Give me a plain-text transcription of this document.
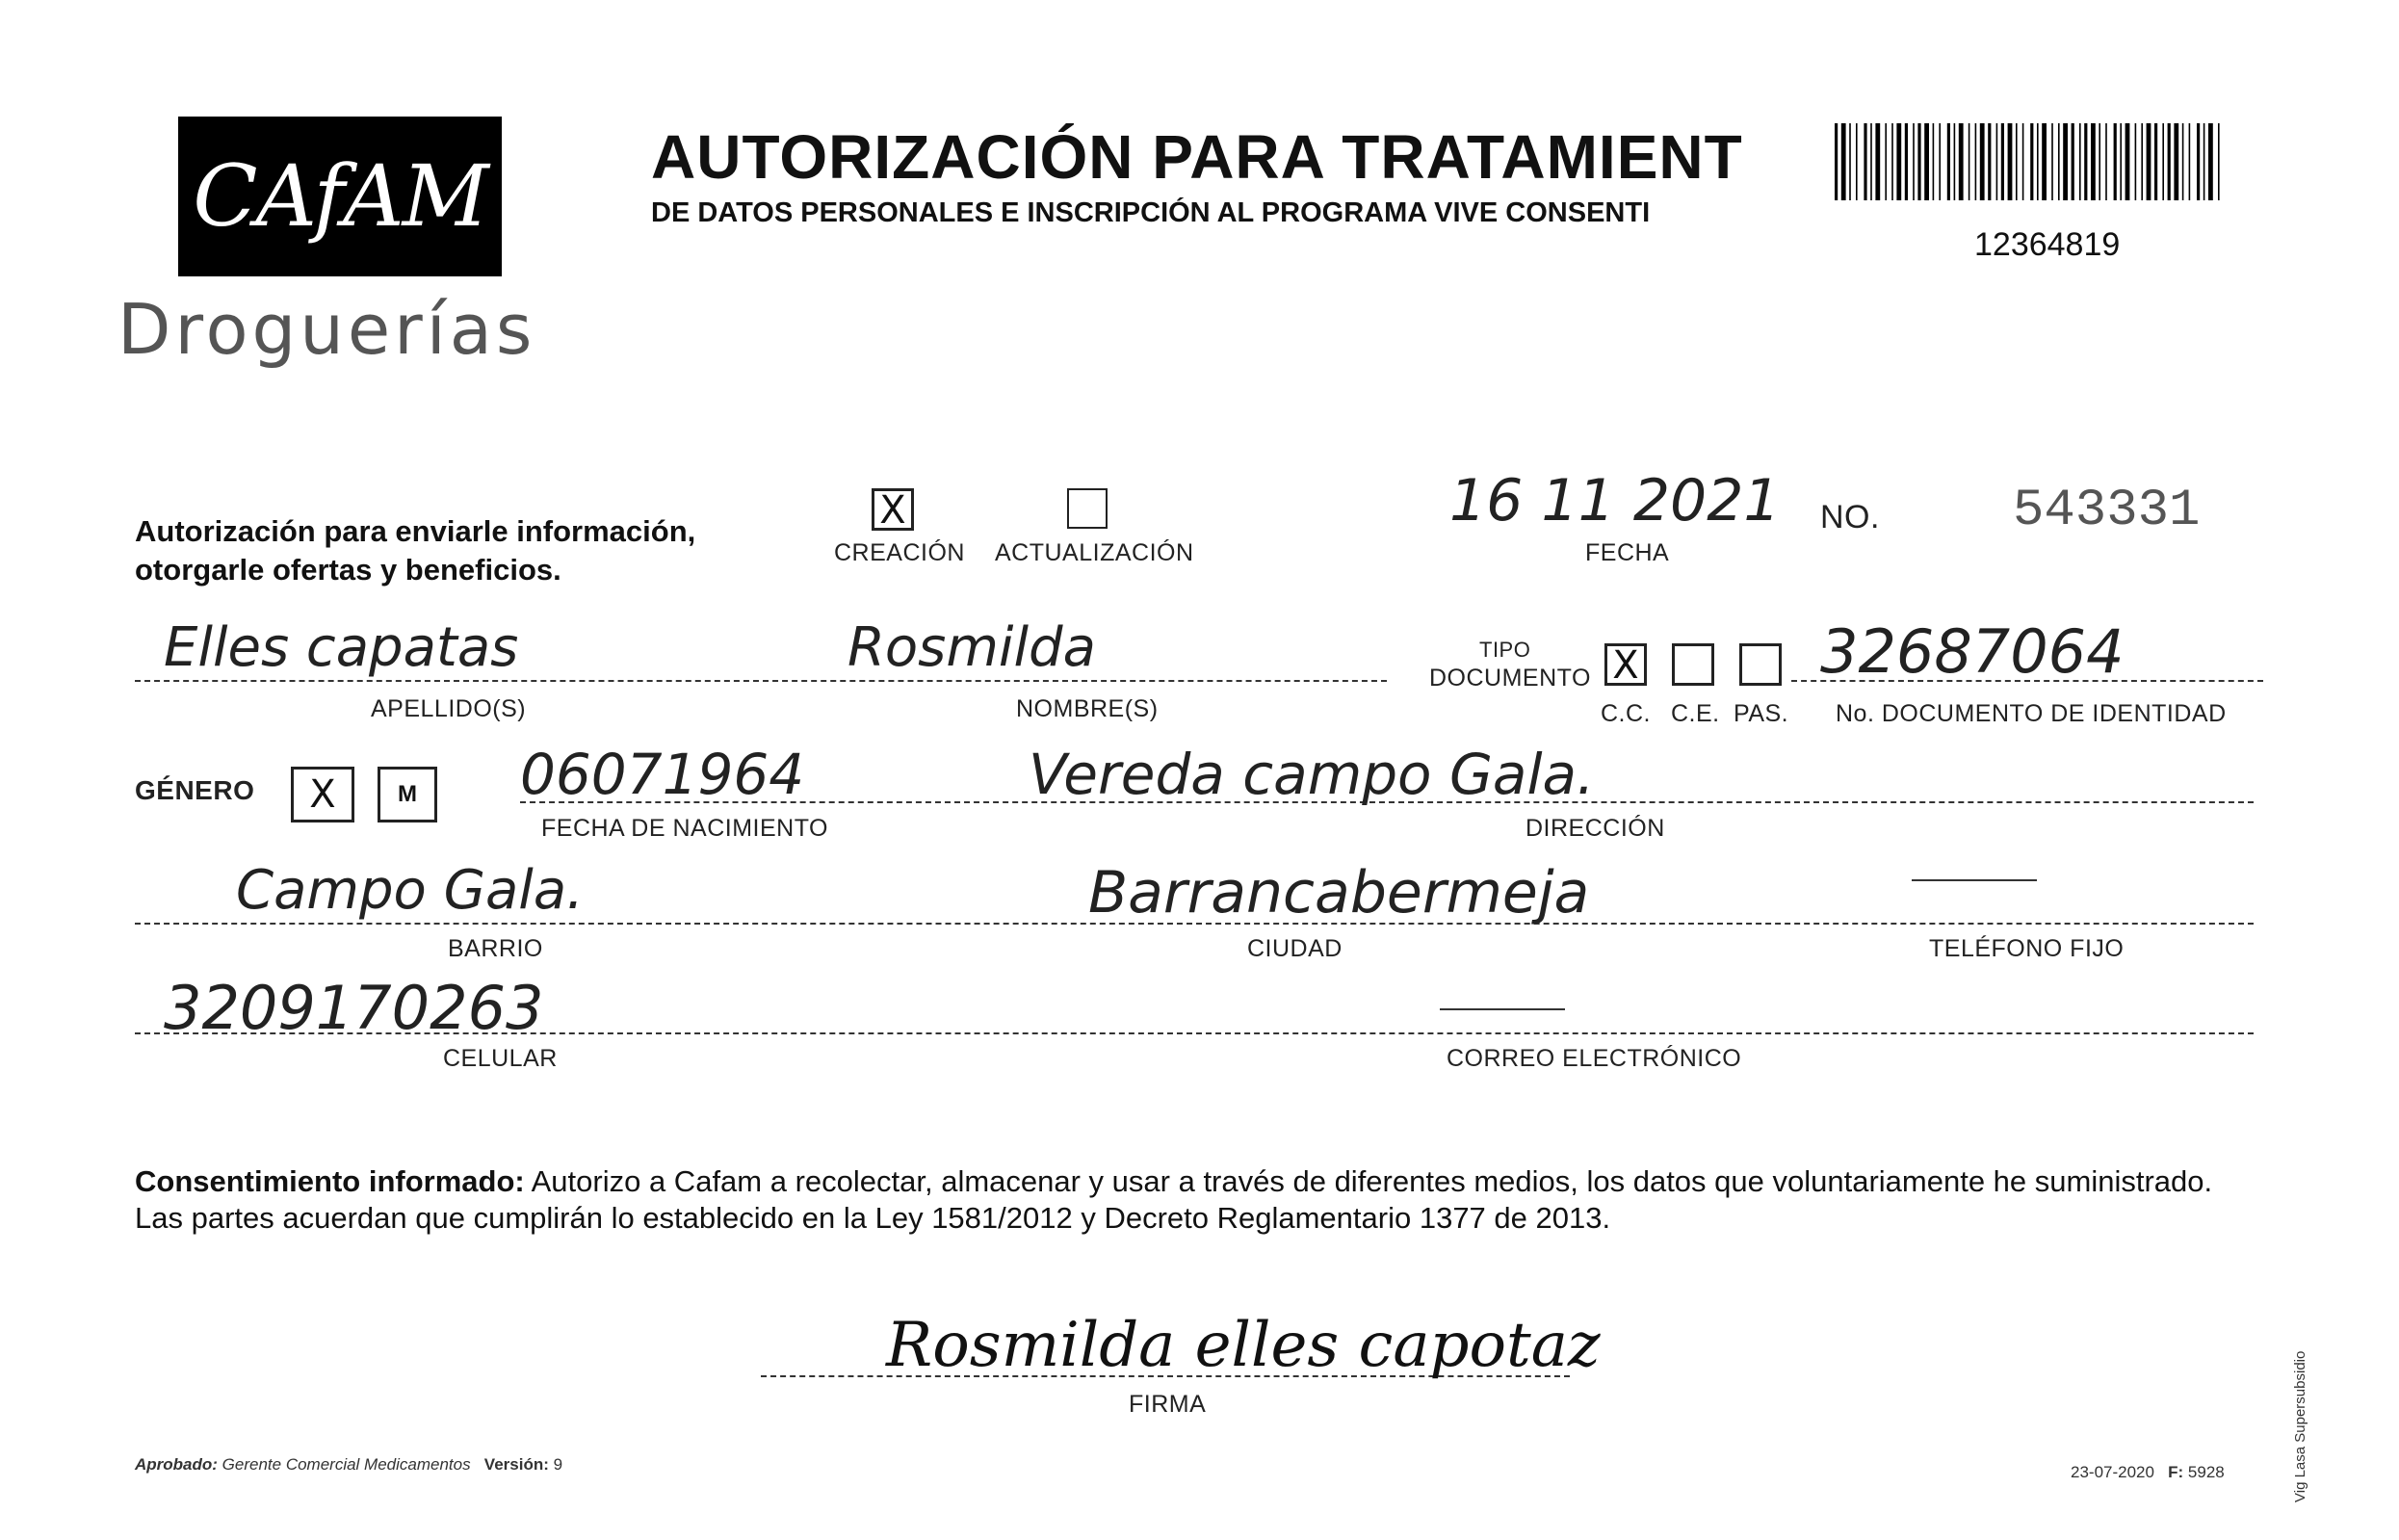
CAfAM
Droguerías
AUTORIZACIÓN PARA TRATAMIENT
DE DATOS PERSONALES E INSCRIPCIÓN AL PROGRAMA VIVE CONSENTI
12364819
Autorización para enviarle información,
otorgarle ofertas y beneficios.
X
CREACIÓN ACTUALIZACIÓN
16 11 2021
FECHA
NO.	543331
Elles capatas
APELLIDO(S)
Rosmilda
NOMBRE(S)
TIPO
DOCUMENTO X
C.C. C.E. PAS.
32687064
No. DOCUMENTO DE IDENTIDAD
GÉNERO	X	M	06071964
FECHA DE NACIMIENTO
Vereda campo Gala.
DIRECCIÓN
Campo Gala.
BARRIO
Barrancabermeja
CIUDAD	TELÉFONO FIJO
3209170263
CELULAR	CORREO ELECTRÓNICO
Consentimiento informado: Autorizo a Cafam a recolectar, almacenar y usar a través de diferentes medios, los datos que voluntariamente he suministrado. Las partes acuerdan que cumplirán lo establecido en la Ley 1581/2012 y Decreto Reglamentario 1377 de 2013.
Rosmilda elles capotaz
FIRMA
Aprobado: Gerente Comercial Medicamentos Versión: 9	23-07-2020 F: 5928	Vig Lasa Supersubsidio
